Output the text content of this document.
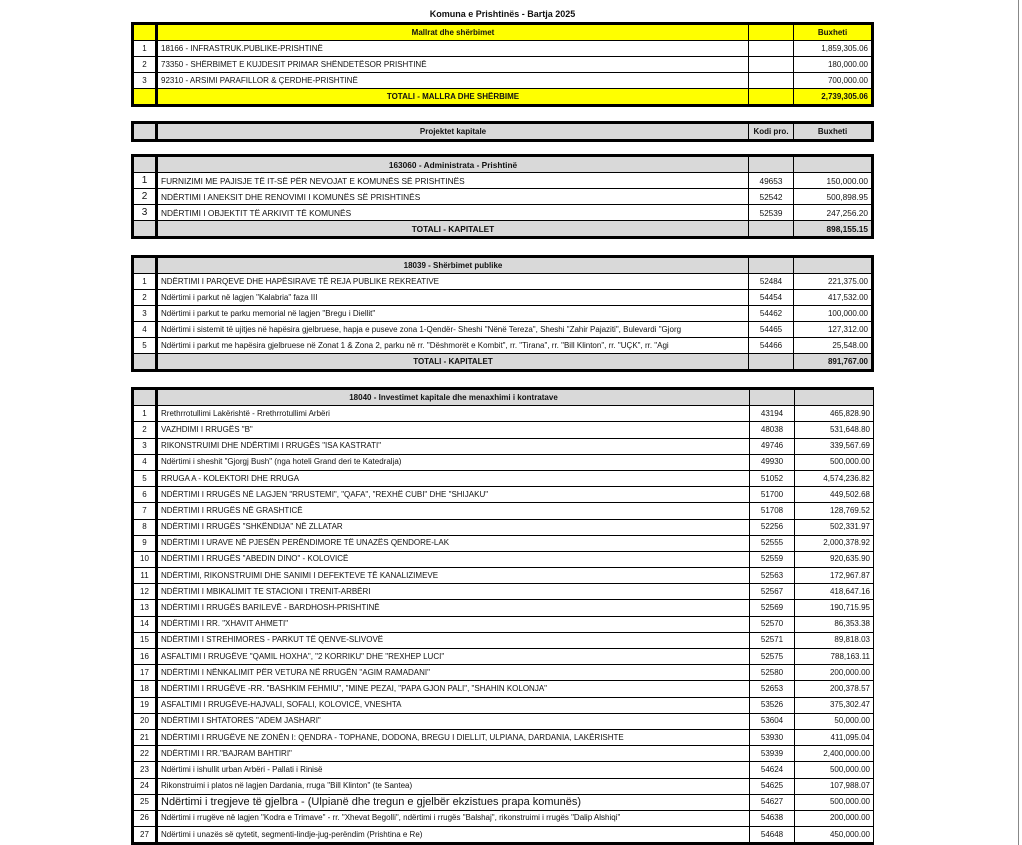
Komuna e Prishtinës - Bartja 2025
	Mallrat dhe shërbimet		Buxheti
1	18166 - INFRASTRUK.PUBLIKE-PRISHTINË		1,859,305.06
2	73350 - SHËRBIMET E KUJDESIT PRIMAR SHËNDETËSOR PRISHTINË		180,000.00
3	92310 - ARSIMI PARAFILLOR & ÇERDHE-PRISHTINË		700,000.00
	TOTALI - MALLRA DHE SHËRBIME		2,739,305.06
	Projektet kapitale	Kodi pro.	Buxheti
	163060 - Administrata - Prishtinë		
1	FURNIZIMI ME PAJISJE TË IT-SË PËR NEVOJAT E KOMUNËS SË PRISHTINËS	49653	150,000.00
2	NDËRTIMI I ANEKSIT DHE RENOVIMI I KOMUNËS SË PRISHTINËS	52542	500,898.95
3	NDËRTIMI I OBJEKTIT TË ARKIVIT TË KOMUNËS	52539	247,256.20
	TOTALI - KAPITALET		898,155.15
	18039 - Shërbimet publike		
1	NDËRTIMI I PARQEVE DHE HAPËSIRAVE TË REJA PUBLIKE REKREATIVE	52484	221,375.00
2	Ndërtimi i parkut në lagjen "Kalabria" faza III	54454	417,532.00
3	Ndërtimi i parkut te parku memorial në lagjen "Bregu i Diellit"	54462	100,000.00
4	Ndërtimi i sistemit të ujitjes në hapësira gjelbruese, hapja e puseve zona 1-Qendër- Sheshi "Nënë Tereza", Sheshi "Zahir Pajaziti", Bulevardi "Gjorg	54465	127,312.00
5	Ndërtimi i parkut me hapësira gjelbruese në Zonat 1 & Zona 2, parku në rr. "Dëshmorët e Kombit", rr. "Tirana", rr. "Bill Klinton", rr. "UÇK", rr. "Agi	54466	25,548.00
	TOTALI - KAPITALET		891,767.00
	18040 - Investimet kapitale dhe menaxhimi i kontratave		
1	Rrethrrotullimi Lakërishtë - Rrethrrotullimi Arbëri	43194	465,828.90
2	VAZHDIMI I RRUGËS "B"	48038	531,648.80
3	RIKONSTRUIMI DHE NDËRTIMI I RRUGËS "ISA KASTRATI"	49746	339,567.69
4	Ndërtimi i sheshit "Gjorgj Bush" (nga hoteli Grand deri te Katedralja)	49930	500,000.00
5	RRUGA A - KOLEKTORI DHE RRUGA	51052	4,574,236.82
6	NDËRTIMI I RRUGËS NË LAGJEN "RRUSTEMI", "QAFA", "REXHË CUBI" DHE "SHIJAKU"	51700	449,502.68
7	NDËRTIMI I RRUGËS NË GRASHTICË	51708	128,769.52
8	NDËRTIMI I RRUGËS "SHKËNDIJA" NË ZLLATAR	52256	502,331.97
9	NDËRTIMI I URAVE NË PJESËN PERËNDIMORE TË UNAZËS QENDORE-LAK	52555	2,000,378.92
10	NDËRTIMI I RRUGËS "ABEDIN DINO" - KOLOVICË	52559	920,635.90
11	NDËRTIMI, RIKONSTRUIMI DHE SANIMI I DEFEKTEVE TË KANALIZIMEVE	52563	172,967.87
12	NDËRTIMI I MBIKALIMIT TE STACIONI I TRENIT-ARBËRI	52567	418,647.16
13	NDËRTIMI I RRUGËS BARILEVË - BARDHOSH-PRISHTINË	52569	190,715.95
14	NDËRTIMI I RR. "XHAVIT AHMETI"	52570	86,353.38
15	NDËRTIMI I STREHIMORES - PARKUT TË QENVE-SLIVOVË	52571	89,818.03
16	ASFALTIMI I RRUGËVE "QAMIL HOXHA", "2 KORRIKU" DHE "REXHEP LUCI"	52575	788,163.11
17	NDËRTIMI I NËNKALIMIT PËR VETURA NË RRUGËN "AGIM RAMADANI"	52580	200,000.00
18	NDËRTIMI I RRUGËVE -RR. "BASHKIM FEHMIU", "MINE PEZAI, "PAPA GJON PALI", "SHAHIN KOLONJA"	52653	200,378.57
19	ASFALTIMI I RRUGËVE-HAJVALI, SOFALI, KOLOVICË, VNESHTA	53526	375,302.47
20	NDËRTIMI I SHTATORES "ADEM JASHARI"	53604	50,000.00
21	NDËRTIMI I RRUGËVE NE ZONËN I: QENDRA - TOPHANE, DODONA, BREGU I DIELLIT, ULPIANA, DARDANIA, LAKËRISHTE	53930	411,095.04
22	NDËRTIMI I RR."BAJRAM BAHTIRI"	53939	2,400,000.00
23	Ndërtimi i ishullit urban Arbëri - Pallati i Rinisë	54624	500,000.00
24	Rikonstruimi i platos në lagjen Dardania, rruga "Bill Klinton" (te Santea)	54625	107,988.07
25	Ndërtimi i tregjeve të gjelbra - (Ulpianë dhe tregun e gjelbër ekzistues prapa komunës)	54627	500,000.00
26	Ndërtimi i rrugëve në lagjen "Kodra e Trimave" - rr. "Xhevat Begolli", ndërtimi i rrugës "Balshaj", rikonstruimi i rrugës "Dalip Alshiqi"	54638	200,000.00
27	Ndërtimi i unazës së qytetit, segmenti-lindje-jug-perëndim (Prishtina e Re)	54648	450,000.00
